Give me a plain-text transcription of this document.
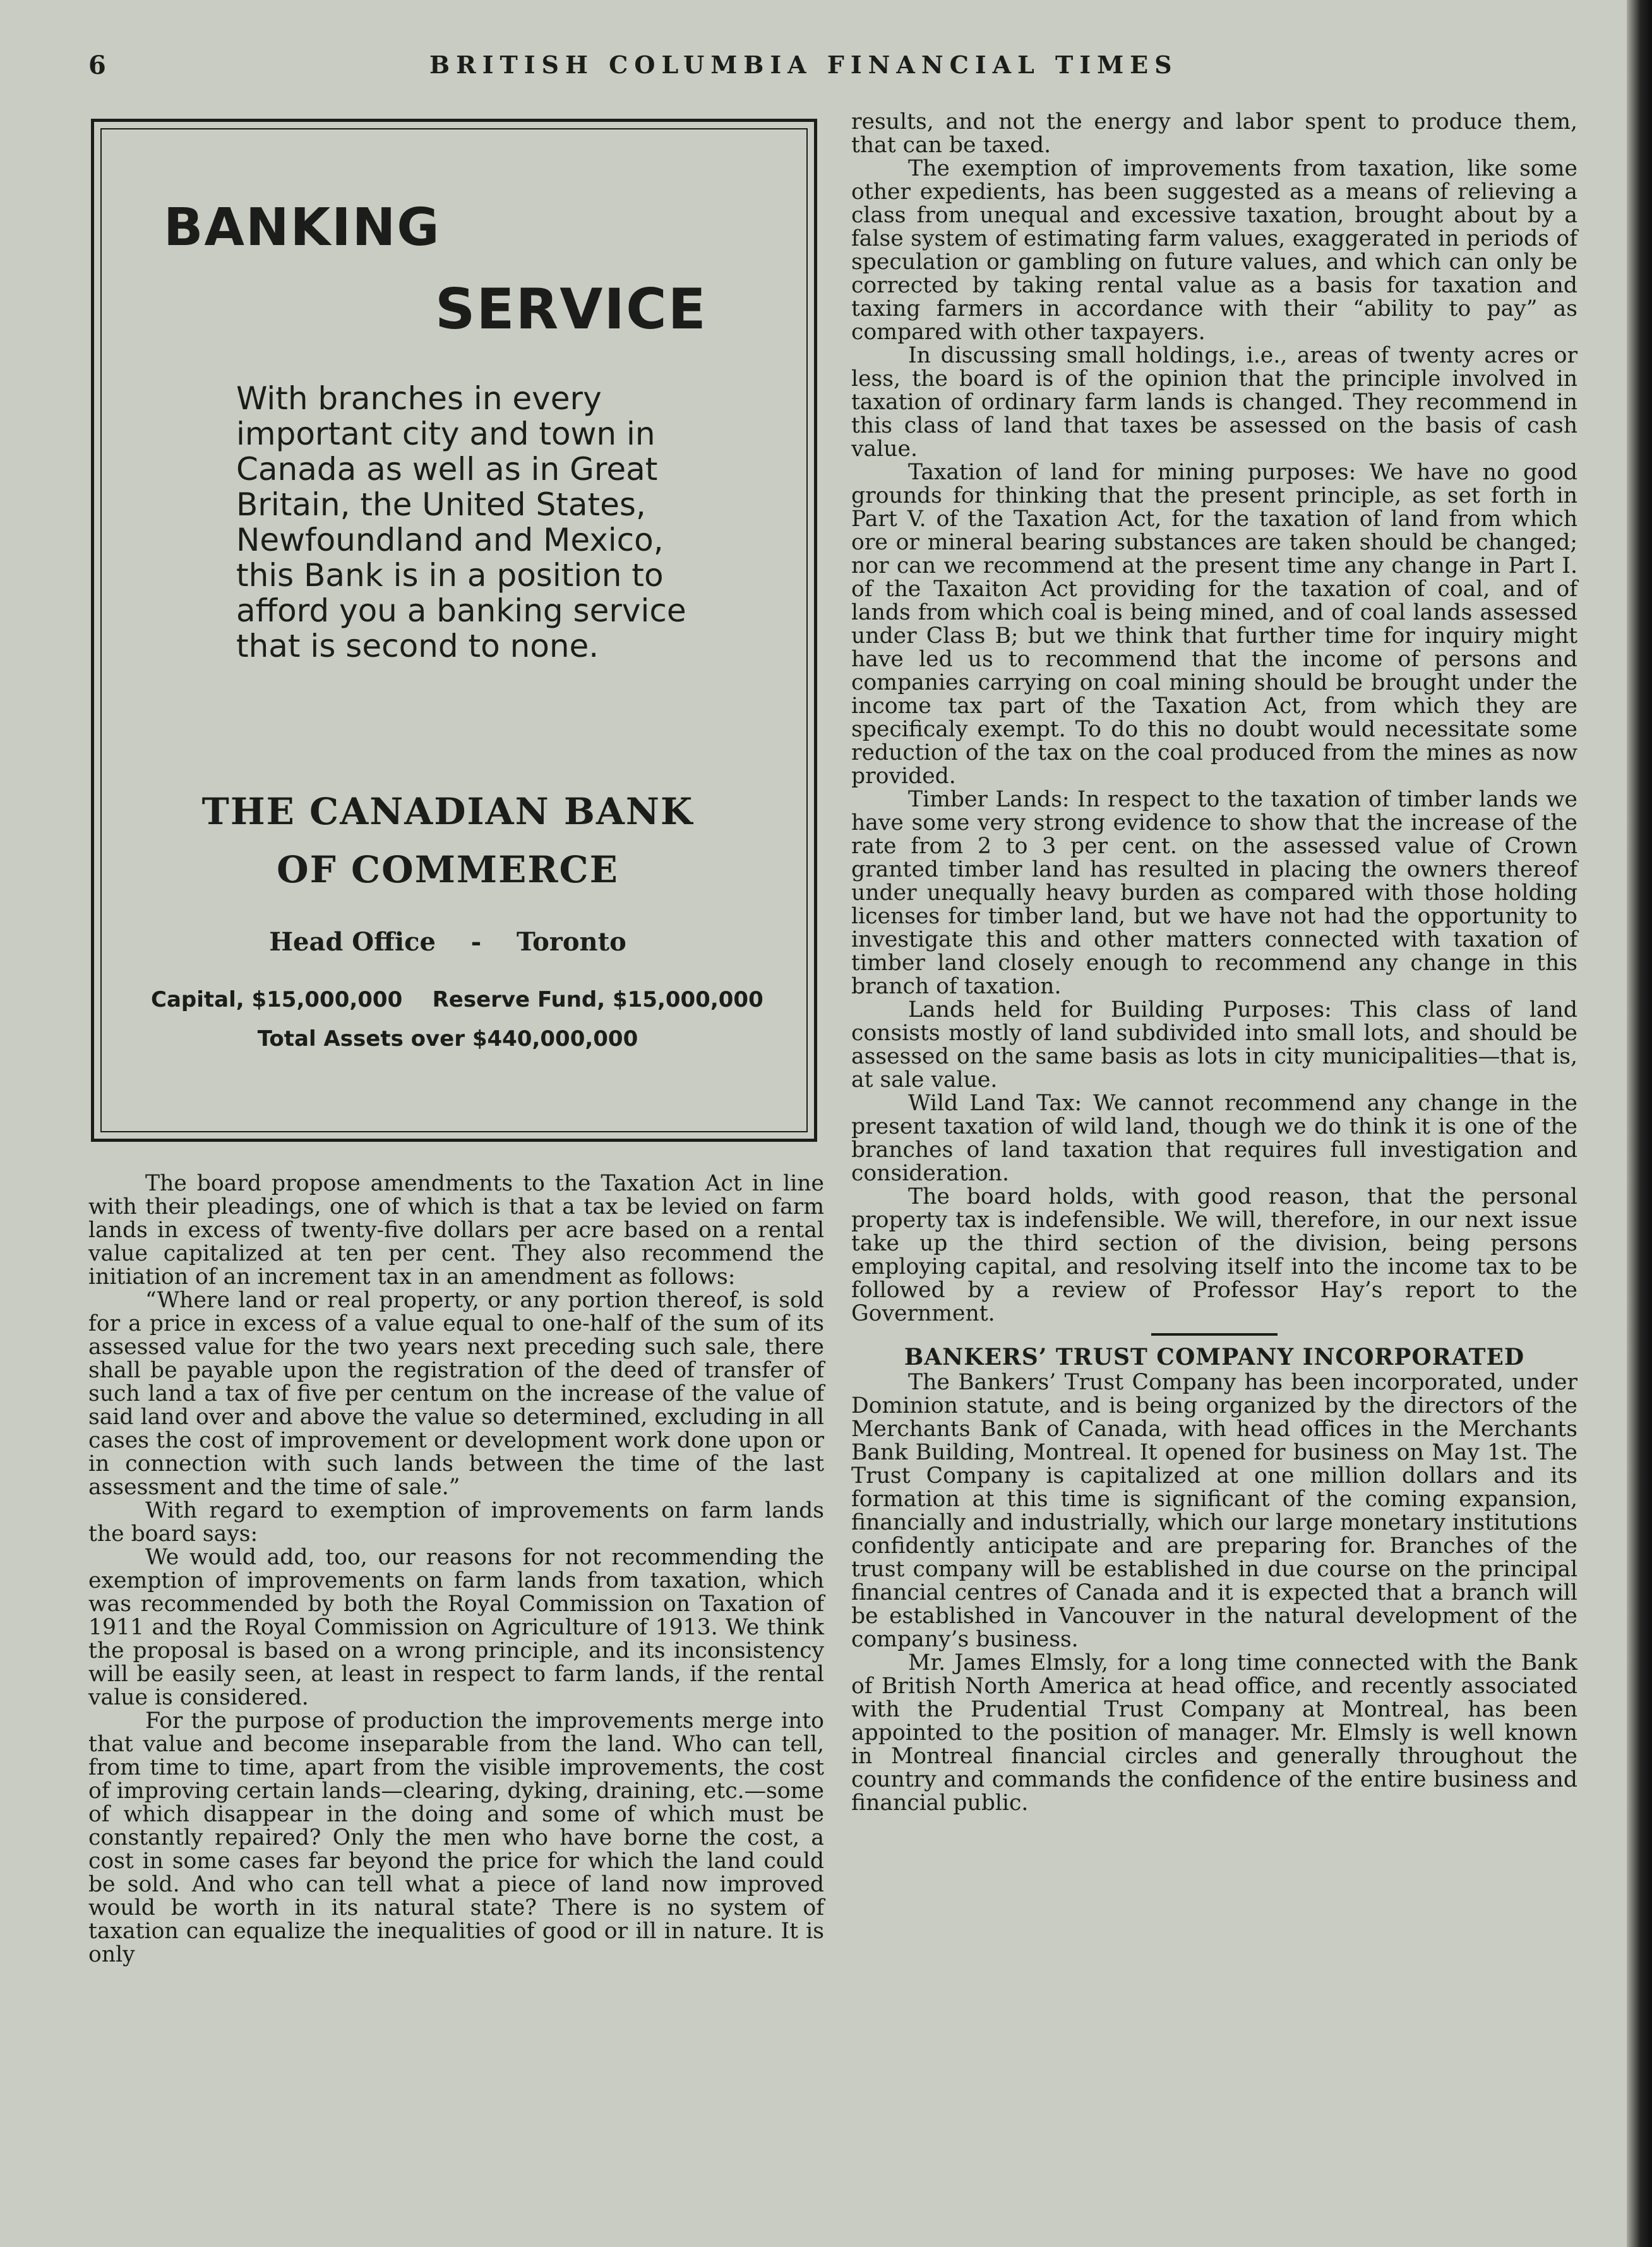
6	BRITISH COLUMBIA FINANCIAL TIMES
BANKING
SERVICE

With branches in every important city and town in Canada as well as in Great Britain, the United States, Newfoundland and Mexico, this Bank is in a position to afford you a banking service that is second to none.

THE CANADIAN BANK
OF COMMERCE
Head Office    -    Toronto
Capital, $15,000,000    Reserve Fund, $15,000,000
Total Assets over $440,000,000

The board propose amendments to the Taxation Act in line with their pleadings, one of which is that a tax be levied on farm lands in excess of twenty-five dollars per acre based on a rental value capitalized at ten per cent. They also recommend the initiation of an increment tax in an amendment as follows:

“Where land or real property, or any portion thereof, is sold for a price in excess of a value equal to one-half of the sum of its assessed value for the two years next preceding such sale, there shall be payable upon the registration of the deed of transfer of such land a tax of five per centum on the increase of the value of said land over and above the value so determined, excluding in all cases the cost of improvement or development work done upon or in connection with such lands between the time of the last assessment and the time of sale.”

With regard to exemption of improvements on farm lands the board says:

We would add, too, our reasons for not recommending the exemption of improvements on farm lands from taxation, which was recommended by both the Royal Commission on Taxation of 1911 and the Royal Commission on Agriculture of 1913. We think the proposal is based on a wrong principle, and its inconsistency will be easily seen, at least in respect to farm lands, if the rental value is considered.

For the purpose of production the improvements merge into that value and become inseparable from the land. Who can tell, from time to time, apart from the visible improvements, the cost of improving certain lands—clearing, dyking, draining, etc.—some of which disappear in the doing and some of which must be constantly repaired? Only the men who have borne the cost, a cost in some cases far beyond the price for which the land could be sold. And who can tell what a piece of land now improved would be worth in its natural state? There is no system of taxation can equalize the inequalities of good or ill in nature. It is only

results, and not the energy and labor spent to produce them, that can be taxed.

The exemption of improvements from taxation, like some other expedients, has been suggested as a means of relieving a class from unequal and excessive taxation, brought about by a false system of estimating farm values, exaggerated in periods of speculation or gambling on future values, and which can only be corrected by taking rental value as a basis for taxation and taxing farmers in accordance with their “ability to pay” as compared with other taxpayers.

In discussing small holdings, i.e., areas of twenty acres or less, the board is of the opinion that the principle involved in taxation of ordinary farm lands is changed. They recommend in this class of land that taxes be assessed on the basis of cash value.

Taxation of land for mining purposes: We have no good grounds for thinking that the present principle, as set forth in Part V. of the Taxation Act, for the taxation of land from which ore or mineral bearing substances are taken should be changed; nor can we recommend at the present time any change in Part I. of the Taxaiton Act providing for the taxation of coal, and of lands from which coal is being mined, and of coal lands assessed under Class B; but we think that further time for inquiry might have led us to recommend that the income of persons and companies carrying on coal mining should be brought under the income tax part of the Taxation Act, from which they are specificaly exempt. To do this no doubt would necessitate some reduction of the tax on the coal produced from the mines as now provided.

Timber Lands: In respect to the taxation of timber lands we have some very strong evidence to show that the increase of the rate from 2 to 3 per cent. on the assessed value of Crown granted timber land has resulted in placing the owners thereof under unequally heavy burden as compared with those holding licenses for timber land, but we have not had the opportunity to investigate this and other matters connected with taxation of timber land closely enough to recommend any change in this branch of taxation.

Lands held for Building Purposes: This class of land consists mostly of land subdivided into small lots, and should be assessed on the same basis as lots in city municipalities—that is, at sale value.

Wild Land Tax: We cannot recommend any change in the present taxation of wild land, though we do think it is one of the branches of land taxation that requires full investigation and consideration.

The board holds, with good reason, that the personal property tax is indefensible. We will, therefore, in our next issue take up the third section of the division, being persons employing capital, and resolving itself into the income tax to be followed by a review of Professor Hay’s report to the Government.

BANKERS’ TRUST COMPANY INCORPORATED

The Bankers’ Trust Company has been incorporated, under Dominion statute, and is being organized by the directors of the Merchants Bank of Canada, with head offices in the Merchants Bank Building, Montreal. It opened for business on May 1st. The Trust Company is capitalized at one million dollars and its formation at this time is significant of the coming expansion, financially and industrially, which our large monetary institutions confidently anticipate and are preparing for. Branches of the trust company will be established in due course on the principal financial centres of Canada and it is expected that a branch will be established in Vancouver in the natural development of the company’s business.

Mr. James Elmsly, for a long time connected with the Bank of British North America at head office, and recently associated with the Prudential Trust Company at Montreal, has been appointed to the position of manager. Mr. Elmsly is well known in Montreal financial circles and generally throughout the country and commands the confidence of the entire business and financial public.
